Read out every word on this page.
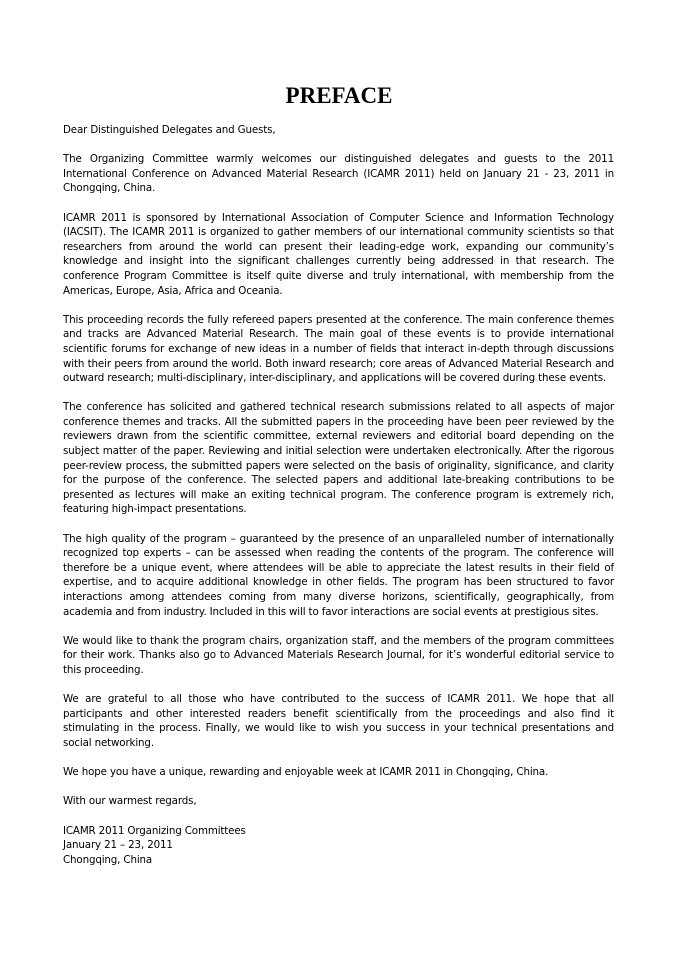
PREFACE

Dear Distinguished Delegates and Guests,

The Organizing Committee warmly welcomes our distinguished delegates and guests to the 2011 International Conference on Advanced Material Research (ICAMR 2011) held on January 21 - 23, 2011 in Chongqing, China.

ICAMR 2011 is sponsored by International Association of Computer Science and Information Technology (IACSIT). The ICAMR 2011 is organized to gather members of our international community scientists so that researchers from around the world can present their leading-edge work, expanding our community’s knowledge and insight into the significant challenges currently being addressed in that research. The conference Program Committee is itself quite diverse and truly international, with membership from the Americas, Europe, Asia, Africa and Oceania.

This proceeding records the fully refereed papers presented at the conference. The main conference themes and tracks are Advanced Material Research. The main goal of these events is to provide international scientific forums for exchange of new ideas in a number of fields that interact in-depth through discussions with their peers from around the world. Both inward research; core areas of Advanced Material Research and outward research; multi-disciplinary, inter-disciplinary, and applications will be covered during these events.

The conference has solicited and gathered technical research submissions related to all aspects of major conference themes and tracks. All the submitted papers in the proceeding have been peer reviewed by the reviewers drawn from the scientific committee, external reviewers and editorial board depending on the subject matter of the paper. Reviewing and initial selection were undertaken electronically. After the rigorous peer-review process, the submitted papers were selected on the basis of originality, significance, and clarity for the purpose of the conference. The selected papers and additional late-breaking contributions to be presented as lectures will make an exiting technical program. The conference program is extremely rich, featuring high-impact presentations.

The high quality of the program – guaranteed by the presence of an unparalleled number of internationally recognized top experts – can be assessed when reading the contents of the program. The conference will therefore be a unique event, where attendees will be able to appreciate the latest results in their field of expertise, and to acquire additional knowledge in other fields. The program has been structured to favor interactions among attendees coming from many diverse horizons, scientifically, geographically, from academia and from industry. Included in this will to favor interactions are social events at prestigious sites.

We would like to thank the program chairs, organization staff, and the members of the program committees for their work. Thanks also go to Advanced Materials Research Journal, for it’s wonderful editorial service to this proceeding.

We are grateful to all those who have contributed to the success of ICAMR 2011. We hope that all participants and other interested readers benefit scientifically from the proceedings and also find it stimulating in the process. Finally, we would like to wish you success in your technical presentations and social networking.

We hope you have a unique, rewarding and enjoyable week at ICAMR 2011 in Chongqing, China.

With our warmest regards,

ICAMR 2011 Organizing Committees
January 21 – 23, 2011
Chongqing, China
